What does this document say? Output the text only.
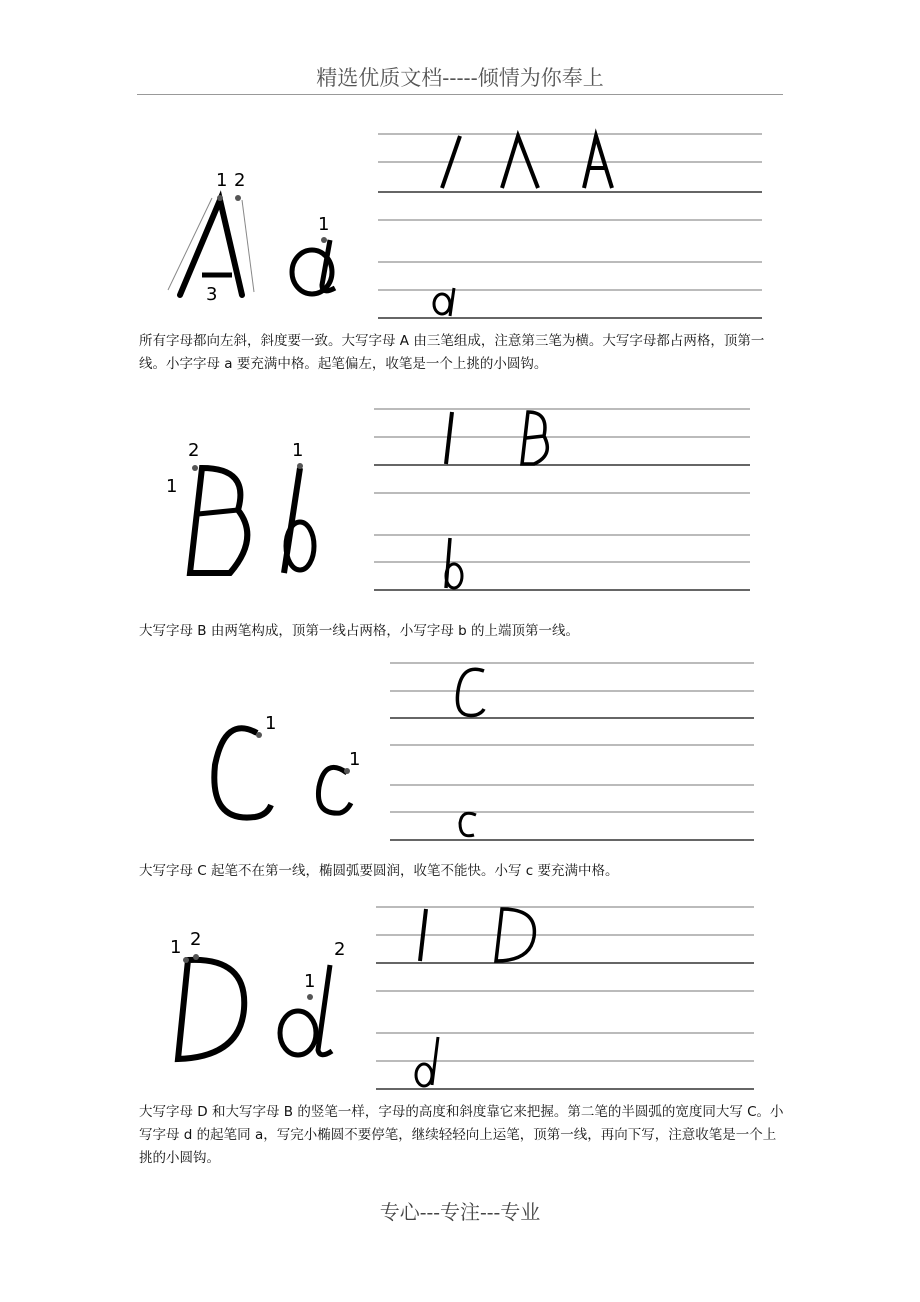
精选优质文档-----倾情为你奉上
1 2
3
1
所有字母都向左斜，斜度要一致。大写字母 A 由三笔组成，注意第三笔为横。大写字母都占两格，顶第一线。小字字母 a 要充满中格。起笔偏左，收笔是一个上挑的小圆钩。
2
1
1
大写字母 B 由两笔构成，顶第一线占两格，小写字母 b 的上端顶第一线。
1
1
大写字母 C 起笔不在第一线，椭圆弧要圆润，收笔不能快。小写 c 要充满中格。
1 2
1
2
大写字母 D 和大写字母 B 的竖笔一样，字母的高度和斜度靠它来把握。第二笔的半圆弧的宽度同大写 C。小写字母 d 的起笔同 a，写完小椭圆不要停笔，继续轻轻向上运笔，顶第一线，再向下写，注意收笔是一个上挑的小圆钩。
专心---专注---专业
